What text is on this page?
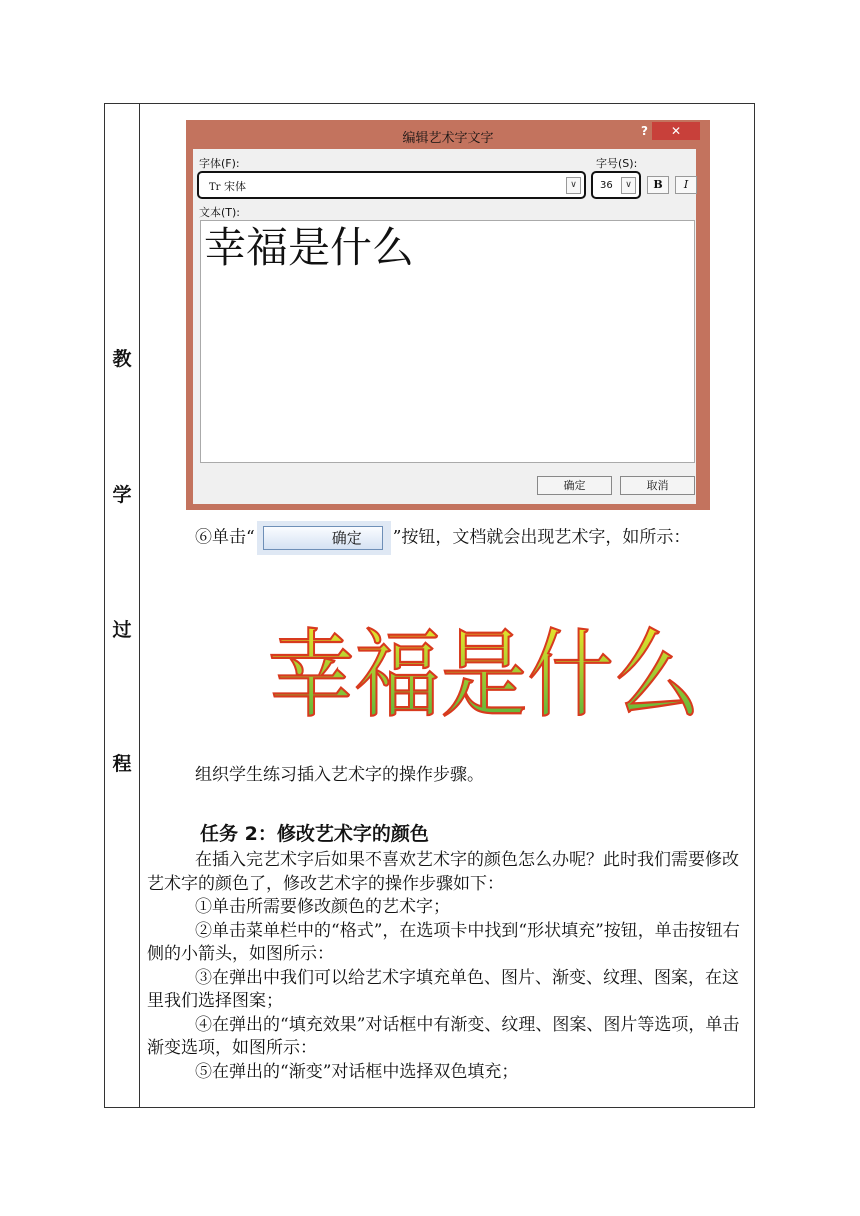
教
学
过
程
编辑艺术字文字	?	✕
字体(F):
Tr 宋体	∨
字号(S):
36	∨	B	I
文本(T):
幸福是什么
确定	取消
⑥单击“	确定	”按钮，文档就会出现艺术字，如所示：
幸福是什么
组织学生练习插入艺术字的操作步骤。
任务 2：修改艺术字的颜色
在插入完艺术字后如果不喜欢艺术字的颜色怎么办呢？此时我们需要修改艺术字的颜色了，修改艺术字的操作步骤如下：
①单击所需要修改颜色的艺术字；
②单击菜单栏中的“格式”，在选项卡中找到“形状填充”按钮，单击按钮右侧的小箭头，如图所示：
③在弹出中我们可以给艺术字填充单色、图片、渐变、纹理、图案，在这里我们选择图案；
④在弹出的“填充效果”对话框中有渐变、纹理、图案、图片等选项，单击渐变选项，如图所示：
⑤在弹出的“渐变”对话框中选择双色填充；
